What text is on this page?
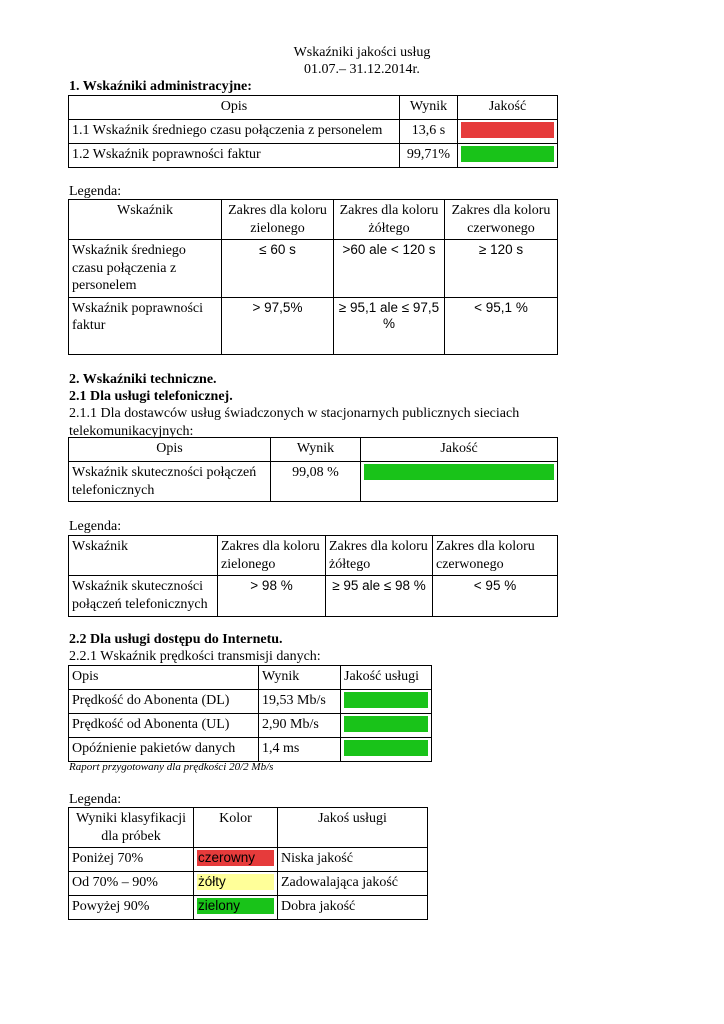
Wskaźniki jakości usług
01.07.– 31.12.2014r.
1. Wskaźniki administracyjne:
Opis	Wynik	Jakość
1.1 Wskaźnik średniego czasu połączenia z personelem	13,6 s	

1.2 Wskaźnik poprawności faktur	99,71%	
Legenda:
Wskaźnik	Zakres dla koloru zielonego	Zakres dla koloru żółtego	Zakres dla koloru czerwonego
Wskaźnik średniego czasu połączenia z personelem	≤ 60 s	>60 ale < 120 s	≥ 120 s
Wskaźnik poprawności faktur	> 97,5%	≥ 95,1 ale ≤ 97,5 %	< 95,1 %
2. Wskaźniki techniczne.
2.1 Dla usługi telefonicznej.
2.1.1 Dla dostawców usług świadczonych w stacjonarnych publicznych sieciach telekomunikacyjnych:
Opis	Wynik	Jakość
Wskaźnik skuteczności połączeń telefonicznych	99,08 %	
Legenda:
Wskaźnik	Zakres dla koloru zielonego	Zakres dla koloru żółtego	Zakres dla koloru czerwonego
Wskaźnik skuteczności połączeń telefonicznych	> 98 %	≥ 95 ale ≤ 98 %	< 95 %
2.2 Dla usługi dostępu do Internetu.
2.2.1 Wskaźnik prędkości transmisji danych:
Opis	Wynik	Jakość usługi
Prędkość do Abonenta (DL)	19,53 Mb/s	

Prędkość od Abonenta (UL)	2,90 Mb/s	

Opóźnienie pakietów danych	1,4 ms	
Raport przygotowany dla prędkości 20/2 Mb/s
Legenda:
Wyniki klasyfikacji dla próbek	Kolor	Jakoś usługi
Poniżej 70%	czerowny	Niska jakość
Od 70% – 90%	żółty	Zadowalająca jakość
Powyżej 90%	zielony	Dobra jakość
